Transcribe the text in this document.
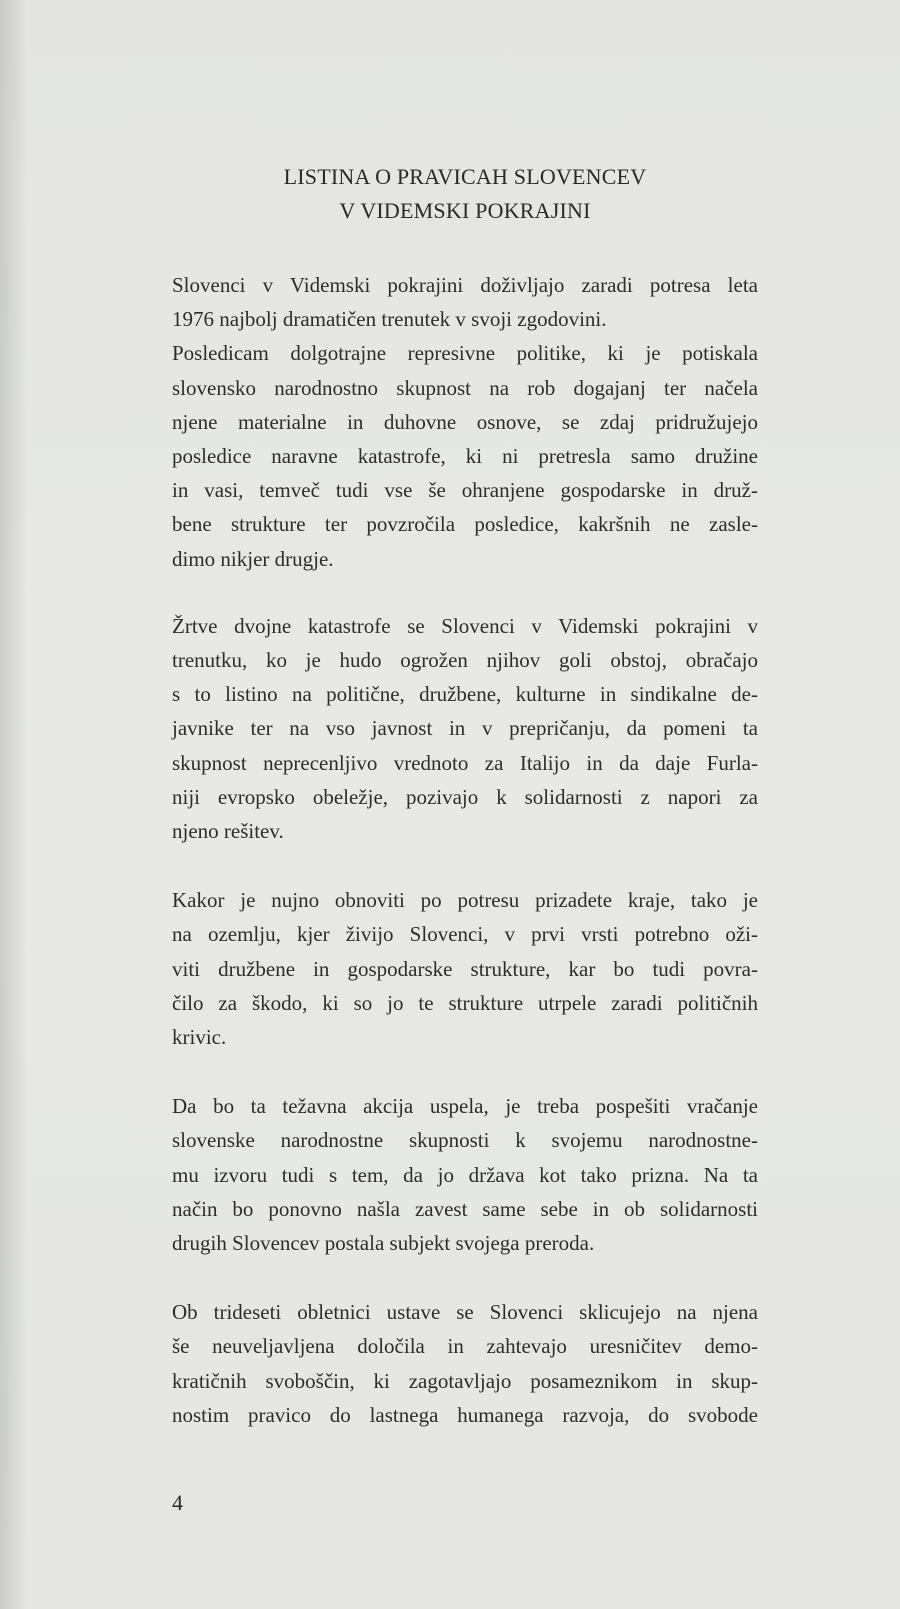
LISTINA O PRAVICAH SLOVENCEV
V VIDEMSKI POKRAJINI
Slovenci v Videmski pokrajini doživljajo zaradi potresa leta
1976 najbolj dramatičen trenutek v svoji zgodovini.
Posledicam dolgotrajne represivne politike, ki je potiskala
slovensko narodnostno skupnost na rob dogajanj ter načela
njene materialne in duhovne osnove, se zdaj pridružujejo
posledice naravne katastrofe, ki ni pretresla samo družine
in vasi, temveč tudi vse še ohranjene gospodarske in druž-
bene strukture ter povzročila posledice, kakršnih ne zasle-
dimo nikjer drugje.
Žrtve dvojne katastrofe se Slovenci v Videmski pokrajini v
trenutku, ko je hudo ogrožen njihov goli obstoj, obračajo
s to listino na politične, družbene, kulturne in sindikalne de-
javnike ter na vso javnost in v prepričanju, da pomeni ta
skupnost neprecenljivo vrednoto za Italijo in da daje Furla-
niji evropsko obeležje, pozivajo k solidarnosti z napori za
njeno rešitev.
Kakor je nujno obnoviti po potresu prizadete kraje, tako je
na ozemlju, kjer živijo Slovenci, v prvi vrsti potrebno oži-
viti družbene in gospodarske strukture, kar bo tudi povra-
čilo za škodo, ki so jo te strukture utrpele zaradi političnih
krivic.
Da bo ta težavna akcija uspela, je treba pospešiti vračanje
slovenske narodnostne skupnosti k svojemu narodnostne-
mu izvoru tudi s tem, da jo država kot tako prizna. Na ta
način bo ponovno našla zavest same sebe in ob solidarnosti
drugih Slovencev postala subjekt svojega preroda.
Ob trideseti obletnici ustave se Slovenci sklicujejo na njena
še neuveljavljena določila in zahtevajo uresničitev demo-
kratičnih svoboščin, ki zagotavljajo posameznikom in skup-
nostim pravico do lastnega humanega razvoja, do svobode
4
